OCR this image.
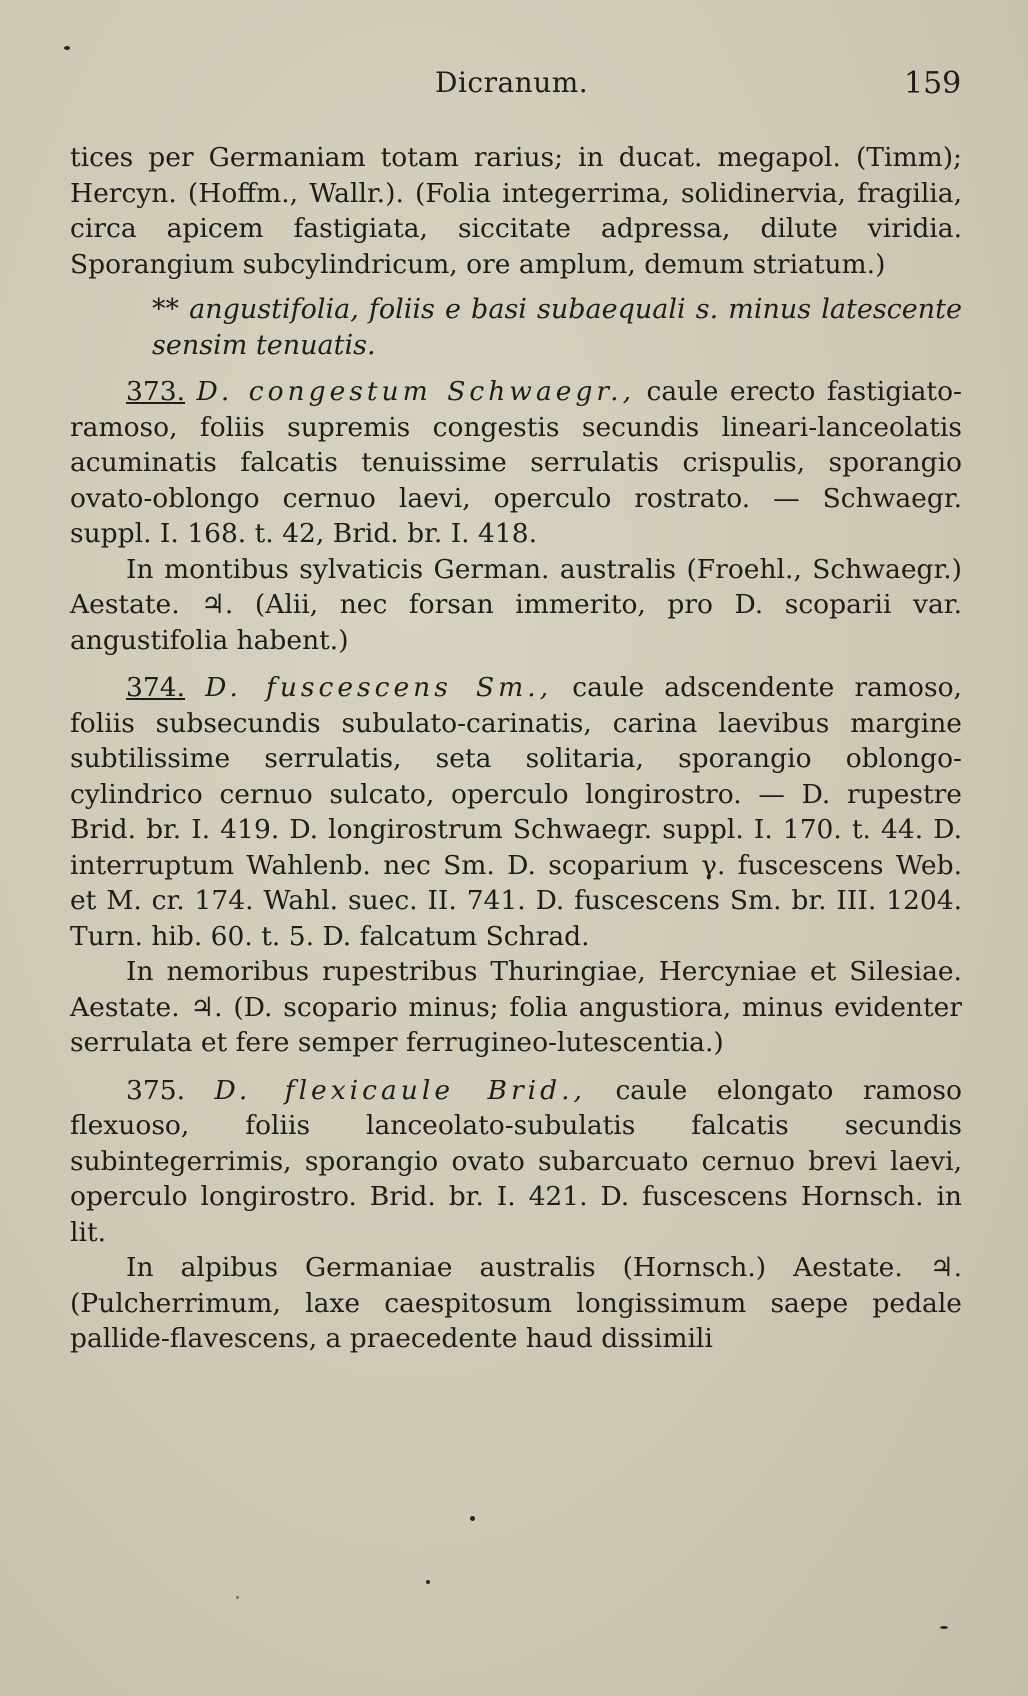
Dicranum.	159

tices per Germaniam totam rarius; in ducat. megapol. (Timm); Hercyn. (Hoffm., Wallr.). (Folia integerrima, solidinervia, fragilia, circa apicem fastigiata, siccitate adpressa, dilute viridia. Sporangium subcylindricum, ore amplum, demum striatum.)

** angustifolia, foliis e basi subaequali s. minus latescente sensim tenuatis.

373. D. congestum Schwaegr., caule erecto fastigiato-ramoso, foliis supremis congestis secundis lineari-lanceolatis acuminatis falcatis tenuissime serrulatis crispulis, sporangio ovato-oblongo cernuo laevi, operculo rostrato. — Schwaegr. suppl. I. 168. t. 42, Brid. br. I. 418.

In montibus sylvaticis German. australis (Froehl., Schwaegr.) Aestate. ♃. (Alii, nec forsan immerito, pro D. scoparii var. angustifolia habent.)

374. D. fuscescens Sm., caule adscendente ramoso, foliis subsecundis subulato-carinatis, carina laevibus margine subtilissime serrulatis, seta solitaria, sporangio oblongo-cylindrico cernuo sulcato, operculo longirostro. — D. rupestre Brid. br. I. 419. D. longirostrum Schwaegr. suppl. I. 170. t. 44. D. interruptum Wahlenb. nec Sm. D. scoparium γ. fuscescens Web. et M. cr. 174. Wahl. suec. II. 741. D. fuscescens Sm. br. III. 1204. Turn. hib. 60. t. 5. D. falcatum Schrad.

In nemoribus rupestribus Thuringiae, Hercyniae et Silesiae. Aestate. ♃. (D. scopario minus; folia angustiora, minus evidenter serrulata et fere semper ferrugineo-lutescentia.)

375. D. flexicaule Brid., caule elongato ramoso flexuoso, foliis lanceolato-subulatis falcatis secundis subintegerrimis, sporangio ovato subarcuato cernuo brevi laevi, operculo longirostro. Brid. br. I. 421. D. fuscescens Hornsch. in lit.

In alpibus Germaniae australis (Hornsch.) Aestate. ♃. (Pulcherrimum, laxe caespitosum longissimum saepe pedale pallide-flavescens, a praecedente haud dissimili
